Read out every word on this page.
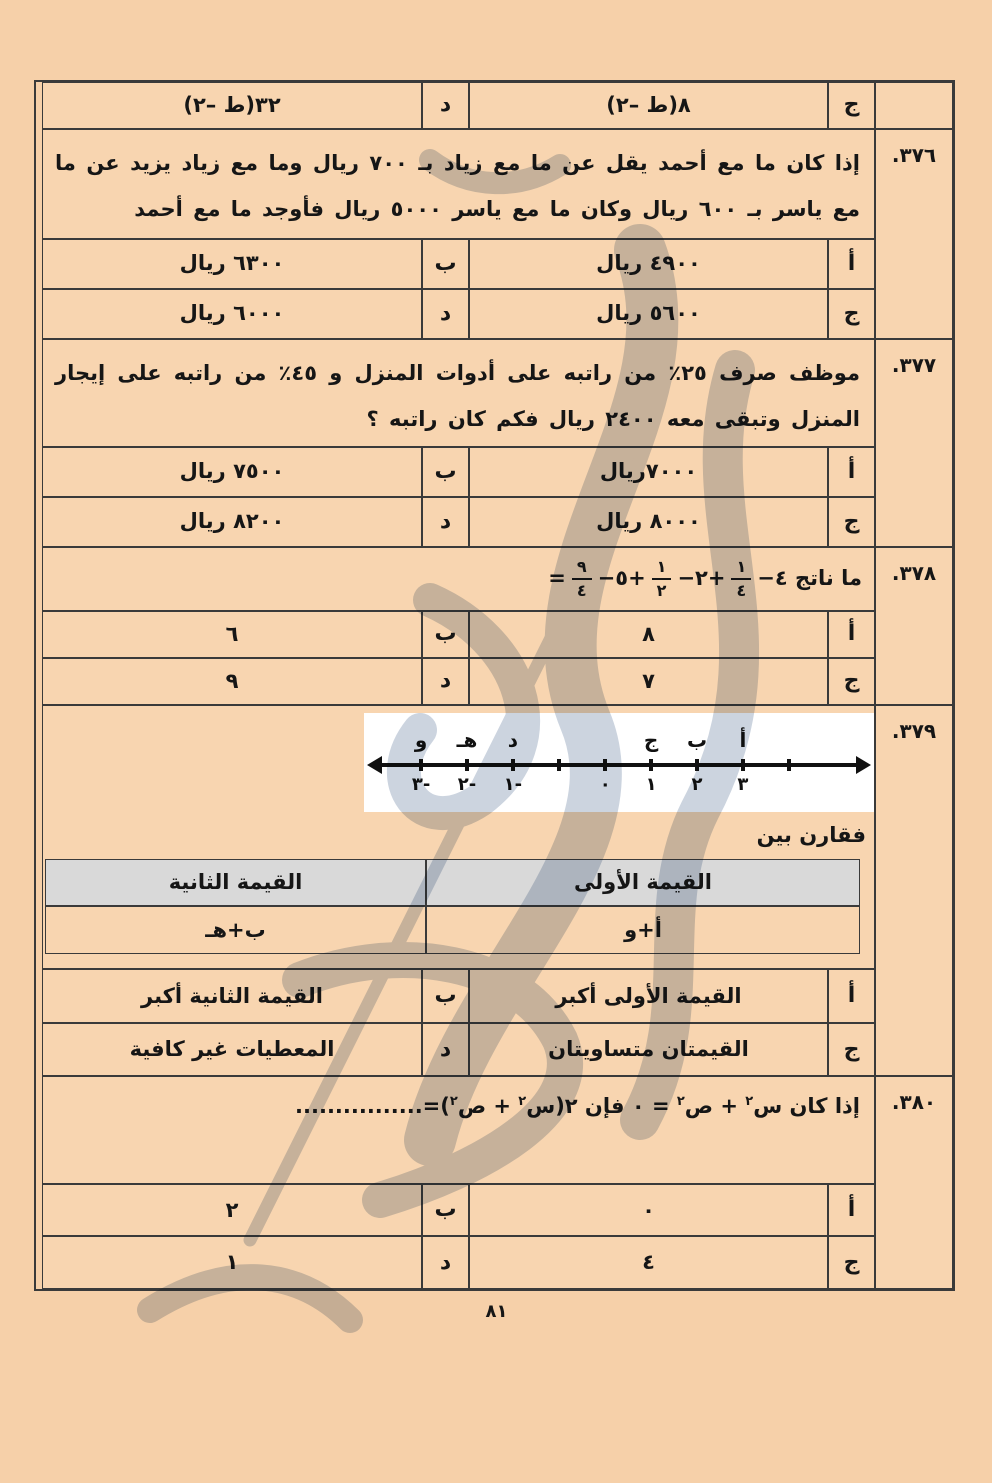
ج
٨(ط –٢)
د
٣٢(ط –٢)
.٣٧٦
إذا كان ما مع أحمد يقل عن ما مع زياد بـ ٧٠٠ ريال وما مع زياد يزيد عن ما مع ياسر بـ ٦٠٠ ريال وكان ما مع ياسر ٥٠٠٠ ريال فأوجد ما مع أحمد
أ
٤٩٠٠ ريال
ب
٦٣٠٠ ريال
ج
٥٦٠٠ ريال
د
٦٠٠٠ ريال
.٣٧٧
موظف صرف ٢٥٪ من راتبه على أدوات المنزل و ٤٥٪ من راتبه على إيجار المنزل وتبقى معه ٢٤٠٠ ريال فكم كان راتبه ؟
أ
٧٠٠٠ريال
ب
٧٥٠٠ ريال
ج
٨٠٠٠ ريال
د
٨٢٠٠ ريال
.٣٧٨
ما ناتج ٤−
$\frac{١}{٤}$
+٢−
$\frac{١}{٢}$
+٥−
$\frac{٩}{٤}$
=
أ
٨
ب
٦
ج
٧
د
٩
.٣٧٩
و
٣-
هـ
٢-
د
١-	٠
ج
١
ب
٢
أ
٣
فقارن بين
القيمة الأولى
القيمة الثانية
أ+و
ب+هـ
أ
القيمة الأولى أكبر
ب
القيمة الثانية أكبر
ج
القيمتان متساويتان
د
المعطيات غير كافية
.٣٨٠
إذا كان س$^٢$ + ص$^٢$ = ٠ فإن ٢(س$^٢$ + ص$^٢$)=................
أ
٠
ب
٢
ج
٤
د
١
٨١
